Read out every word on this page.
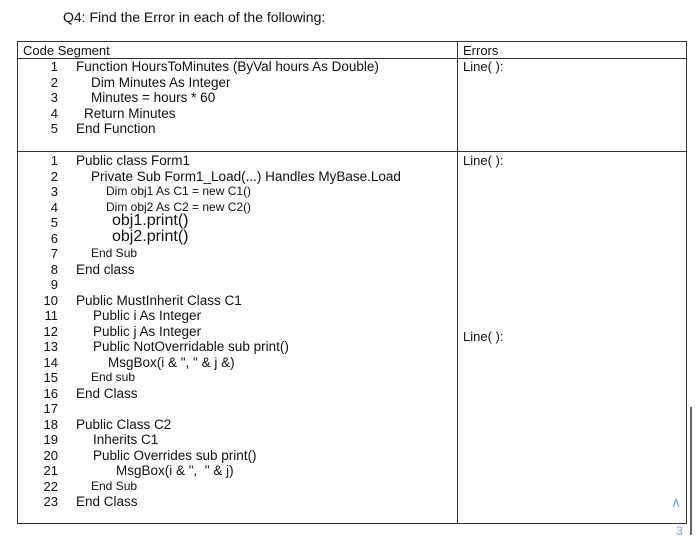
Q4: Find the Error in each of the following:
Code Segment	Errors
1
2
3
4
5
Function HoursToMinutes (ByVal hours As Double)
Dim Minutes As Integer
Minutes = hours * 60
Return Minutes
End Function
Line( ):
1
2
3
4
5
6
7
8
9
10
11
12
13
14
15
16
17
18
19
20
21
22
23
Public class Form1
Private Sub Form1_Load(...) Handles MyBase.Load
Dim obj1 As C1 = new C1()
Dim obj2 As C2 = new C2()
obj1.print()
obj2.print()
End Sub
End class
Public MustInherit Class C1
Public i As Integer
Public j As Integer
Public NotOverridable sub print()
MsgBox(i & ", " & j &)
End sub
End Class
Public Class C2
Inherits C1
Public Overrides sub print()
MsgBox(i & ",  " & j)
End Sub
End Class
Line( ):
Line( ):
∧
3
